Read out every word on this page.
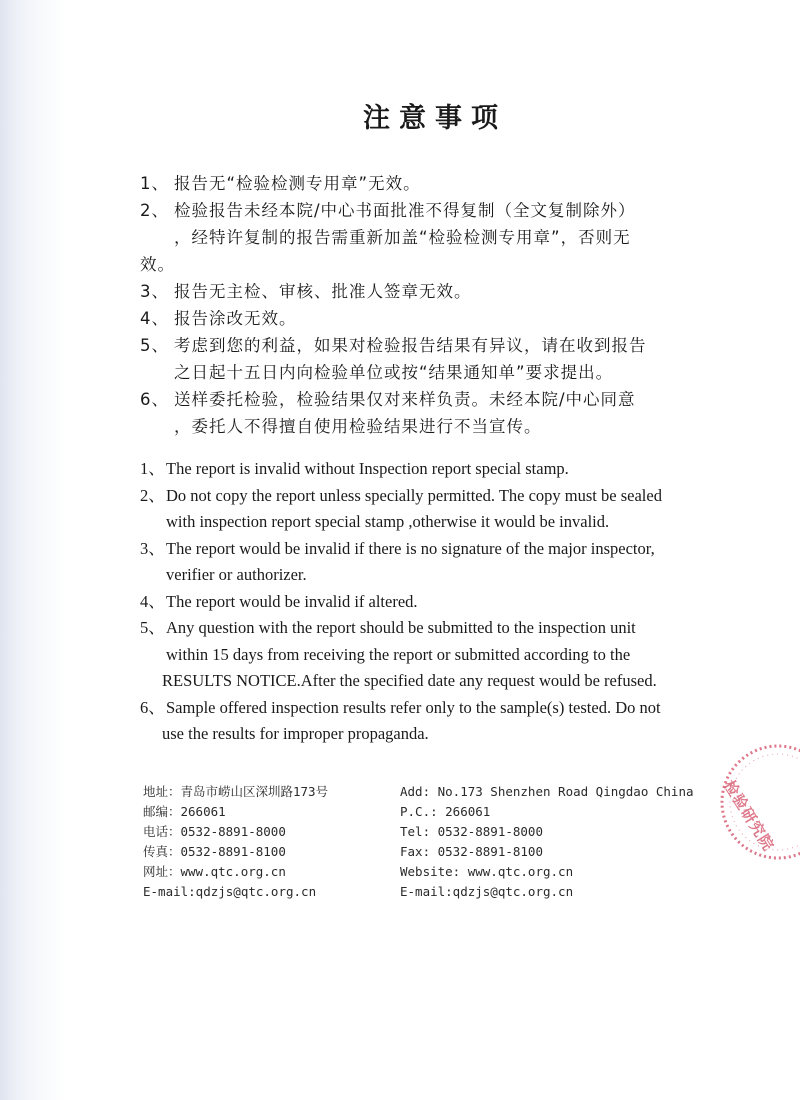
注意事项
1、 报告无“检验检测专用章”无效。
2、 检验报告未经本院/中心书面批准不得复制（全文复制除外）
，经特许复制的报告需重新加盖“检验检测专用章”，否则无
效。
3、 报告无主检、审核、批准人签章无效。
4、 报告涂改无效。
5、 考虑到您的利益，如果对检验报告结果有异议，请在收到报告
之日起十五日内向检验单位或按“结果通知单”要求提出。
6、 送样委托检验，检验结果仅对来样负责。未经本院/中心同意
，委托人不得擅自使用检验结果进行不当宣传。
1、 The report is invalid without Inspection report special stamp.
2、 Do not copy the report unless specially permitted. The copy must be sealed
with inspection report special stamp ,otherwise it would be invalid.
3、 The report would be invalid if there is no signature of the major inspector,
verifier or authorizer.
4、 The report would be invalid if altered.
5、 Any question with the report should be submitted to the inspection unit
within 15 days from receiving the report or submitted according to the
RESULTS NOTICE.After the specified date any request would be refused.
6、 Sample offered inspection results refer only to the sample(s) tested. Do not
use the results for improper propaganda.
地址：青岛市崂山区深圳路173号
邮编：266061
电话：0532-8891-8000
传真：0532-8891-8100
网址：www.qtc.org.cn
E-mail:qdzjs@qtc.org.cn
Add: No.173 Shenzhen Road Qingdao China
P.C.: 266061
Tel: 0532-8891-8000
Fax: 0532-8891-8100
Website: www.qtc.org.cn
E-mail:qdzjs@qtc.org.cn
检验研究院
